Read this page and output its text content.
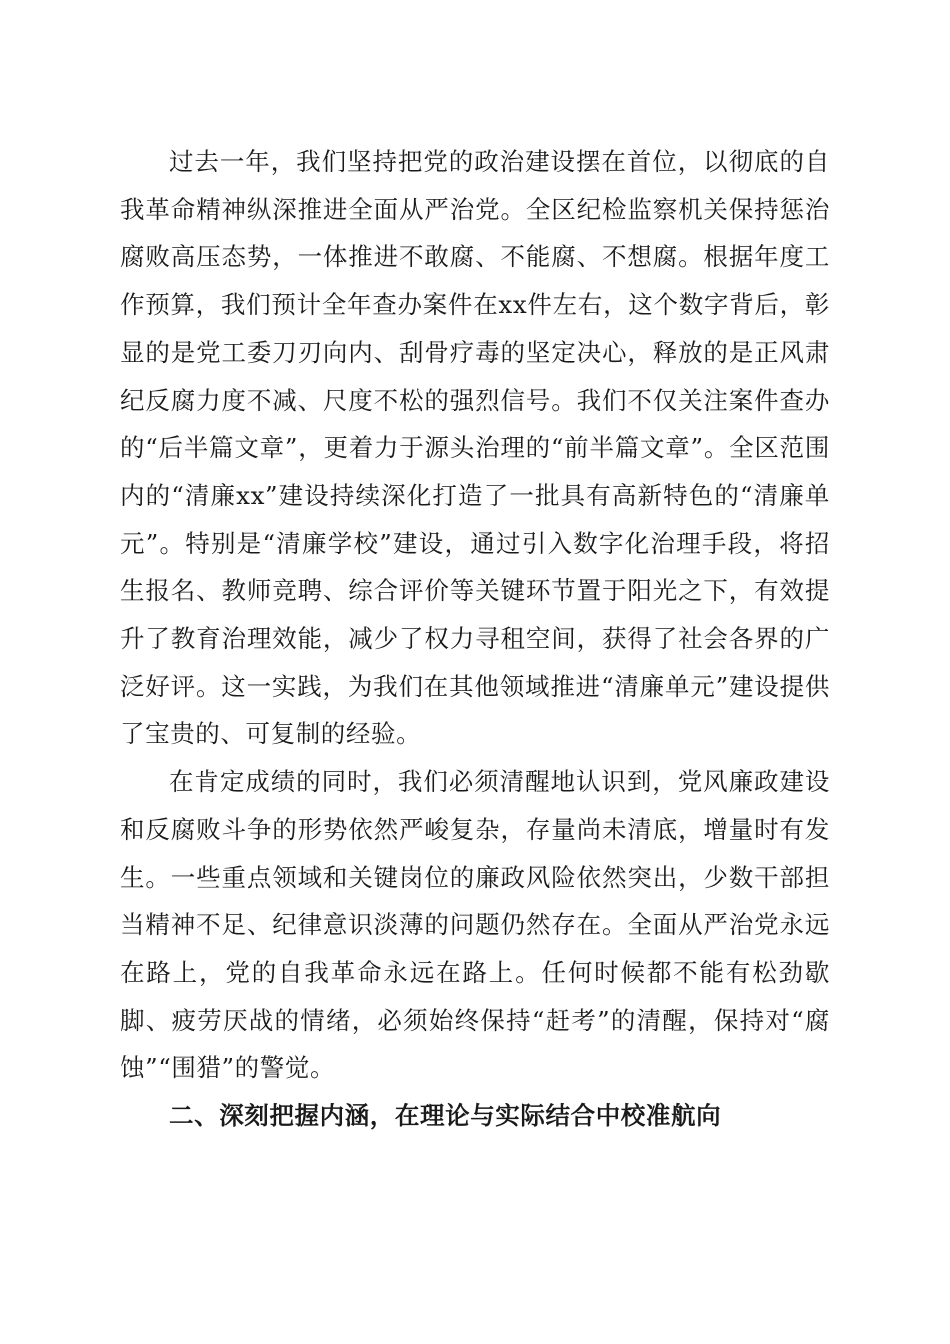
过去一年，我们坚持把党的政治建设摆在首位，以彻底的自我革命精神纵深推进全面从严治党。全区纪检监察机关保持惩治腐败高压态势，一体推进不敢腐、不能腐、不想腐。根据年度工作预算，我们预计全年查办案件在xx件左右，这个数字背后，彰显的是党工委刀刃向内、刮骨疗毒的坚定决心，释放的是正风肃纪反腐力度不减、尺度不松的强烈信号。我们不仅关注案件查办的“后半篇文章”，更着力于源头治理的“前半篇文章”。全区范围内的“清廉xx”建设持续深化打造了一批具有高新特色的“清廉单元”。特别是“清廉学校”建设，通过引入数字化治理手段，将招生报名、教师竞聘、综合评价等关键环节置于阳光之下，有效提升了教育治理效能，减少了权力寻租空间，获得了社会各界的广泛好评。这一实践，为我们在其他领域推进“清廉单元”建设提供了宝贵的、可复制的经验。

在肯定成绩的同时，我们必须清醒地认识到，党风廉政建设和反腐败斗争的形势依然严峻复杂，存量尚未清底，增量时有发生。一些重点领域和关键岗位的廉政风险依然突出，少数干部担当精神不足、纪律意识淡薄的问题仍然存在。全面从严治党永远在路上，党的自我革命永远在路上。任何时候都不能有松劲歇脚、疲劳厌战的情绪，必须始终保持“赶考”的清醒，保持对“腐蚀”“围猎”的警觉。

二、深刻把握内涵，在理论与实际结合中校准航向
